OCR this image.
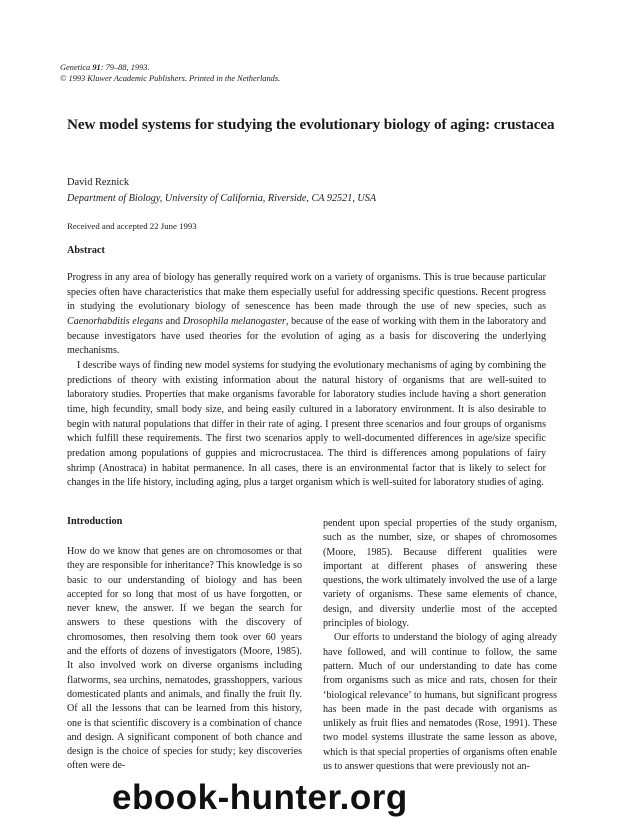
Genetica 91: 79–88, 1993.
© 1993 Kluwer Academic Publishers. Printed in the Netherlands.
New model systems for studying the evolutionary biology of aging: crustacea
David Reznick
Department of Biology, University of California, Riverside, CA 92521, USA
Received and accepted 22 June 1993
Abstract

Progress in any area of biology has generally required work on a variety of organisms. This is true because particular species often have characteristics that make them especially useful for addressing specific questions. Recent progress in studying the evolutionary biology of senescence has been made through the use of new species, such as Caenorhabditis elegans and Drosophila melanogaster, because of the ease of working with them in the laboratory and because investigators have used theories for the evolution of aging as a basis for discovering the underlying mechanisms.

I describe ways of finding new model systems for studying the evolutionary mechanisms of aging by combining the predictions of theory with existing information about the natural history of organisms that are well-suited to laboratory studies. Properties that make organisms favorable for laboratory studies include having a short generation time, high fecundity, small body size, and being easily cultured in a laboratory environment. It is also desirable to begin with natural populations that differ in their rate of aging. I present three scenarios and four groups of organisms which fulfill these requirements. The first two scenarios apply to well-documented differences in age/size specific predation among populations of guppies and microcrustacea. The third is differences among populations of fairy shrimp (Anostraca) in habitat permanence. In all cases, there is an environmental factor that is likely to select for changes in the life history, including aging, plus a target organism which is well-suited for laboratory studies of aging.

Introduction

How do we know that genes are on chromosomes or that they are responsible for inheritance? This knowledge is so basic to our understanding of biology and has been accepted for so long that most of us have forgotten, or never knew, the answer. If we began the search for answers to these questions with the discovery of chromosomes, then resolving them took over 60 years and the efforts of dozens of investigators (Moore, 1985). It also involved work on diverse organisms including flatworms, sea urchins, nematodes, grasshoppers, various domesticated plants and animals, and finally the fruit fly. Of all the lessons that can be learned from this history, one is that scientific discovery is a combination of chance and design. A significant component of both chance and design is the choice of species for study; key discoveries often were de-

pendent upon special properties of the study organism, such as the number, size, or shapes of chromosomes (Moore, 1985). Because different qualities were important at different phases of answering these questions, the work ultimately involved the use of a large variety of organisms. These same elements of chance, design, and diversity underlie most of the accepted principles of biology.

Our efforts to understand the biology of aging already have followed, and will continue to follow, the same pattern. Much of our understanding to date has come from organisms such as mice and rats, chosen for their ‘biological relevance’ to humans, but significant progress has been made in the past decade with organisms as unlikely as fruit flies and nematodes (Rose, 1991). These two model systems illustrate the same lesson as above, which is that special properties of organisms often enable us to answer questions that were previously not an-

ebook-hunter.org
